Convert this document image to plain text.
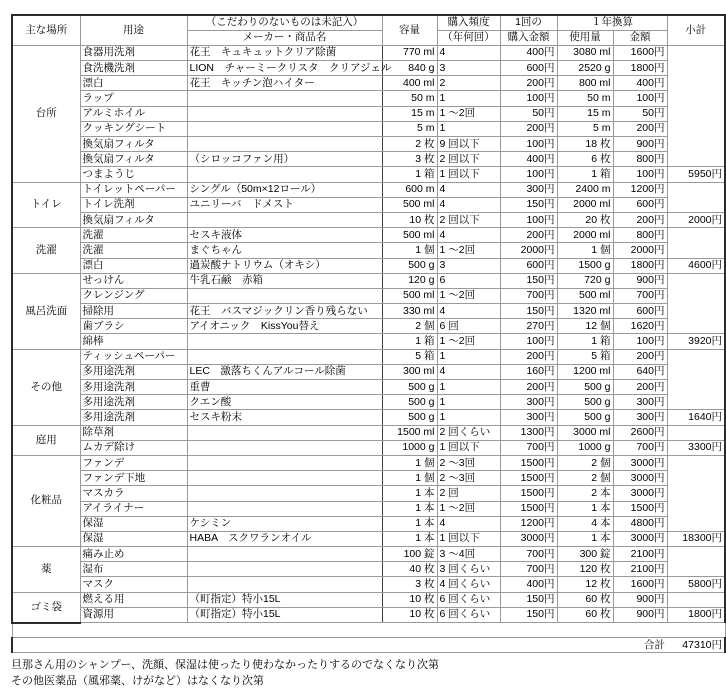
主な場所	用途	（こだわりのないものは未記入）	容量	購入頻度	1回の	１年換算		小計
		メーカー・商品名		（年何回）	購入金額	使用量	金額	
台所	食器用洗剤	花王　キュキュットクリア除菌	770 ml	4	400円	3080 ml	1600円	
	食洗機洗剤	LION　チャーミークリスタ　クリアジェル	840 g	3	600円	2520 g	1800円	
	漂白	花王　キッチン泡ハイター	400 ml	2	200円	800 ml	400円	
	ラップ		50 m	1	100円	50 m	100円	
	アルミホイル		15 m	1 ～2回	50円	15 m	50円	
	クッキングシート		5 m	1	200円	5 m	200円	
	換気扇フィルタ		2 枚	9 回以下	100円	18 枚	900円	
	換気扇フィルタ	（シロッコファン用）	3 枚	2 回以下	400円	6 枚	800円	
	つまようじ		1 箱	1 回以下	100円	1 箱	100円	5950円
トイレ	トイレットペーパー	シングル（50m×12ロール）	600 m	4	300円	2400 m	1200円	
	トイレ洗剤	ユニリーバ　ドメスト	500 ml	4	150円	2000 ml	600円	
	換気扇フィルタ		10 枚	2 回以下	100円	20 枚	200円	2000円
洗濯	洗濯	セスキ液体	500 ml	4	200円	2000 ml	800円	
	洗濯	まぐちゃん	1 個	1 ～2回	2000円	1 個	2000円	
	漂白	過炭酸ナトリウム（オキシ）	500 g	3	600円	1500 g	1800円	4600円
風呂洗面	せっけん	牛乳石鹸　赤箱	120 g	6	150円	720 g	900円	
	クレンジング		500 ml	1 ～2回	700円	500 ml	700円	
	掃除用	花王　バスマジックリン香り残らない	330 ml	4	150円	1320 ml	600円	
	歯ブラシ	アイオニック　KissYou替え	2 個	6 回	270円	12 個	1620円	
	綿棒		1 箱	1 ～2回	100円	1 箱	100円	3920円
その他	ティッシュペーパー		5 箱	1	200円	5 箱	200円	
	多用途洗剤	LEC　激落ちくんアルコール除菌	300 ml	4	160円	1200 ml	640円	
	多用途洗剤	重曹	500 g	1	200円	500 g	200円	
	多用途洗剤	クエン酸	500 g	1	300円	500 g	300円	
	多用途洗剤	セスキ粉末	500 g	1	300円	500 g	300円	1640円
庭用	除草剤		1500 ml	2 回くらい	1300円	3000 ml	2600円	
	ムカデ除け		1000 g	1 回以下	700円	1000 g	700円	3300円
化粧品	ファンデ		1 個	2 ～3回	1500円	2 個	3000円	
	ファンデ下地		1 個	2 ～3回	1500円	2 個	3000円	
	マスカラ		1 本	2 回	1500円	2 本	3000円	
	アイライナー		1 本	1 ～2回	1500円	1 本	1500円	
	保湿	ケシミン	1 本	4	1200円	4 本	4800円	
	保湿	HABA　スクワランオイル	1 本	1 回以下	3000円	1 本	3000円	18300円
薬	痛み止め		100 錠	3 ～4回	700円	300 錠	2100円	
	湿布		40 枚	3 回くらい	700円	120 枚	2100円	
	マスク		3 枚	4 回くらい	400円	12 枚	1600円	5800円
ゴミ袋	燃える用	（町指定）特小15L	10 枚	6 回くらい	150円	60 枚	900円	
	資源用	（町指定）特小15L	10 枚	6 回くらい	150円	60 枚	900円	1800円

							合計	47310円
旦那さん用のシャンプー、洗顔、保湿は使ったり使わなかったりするのでなくなり次第
その他医薬品（風邪薬、けがなど）はなくなり次第
